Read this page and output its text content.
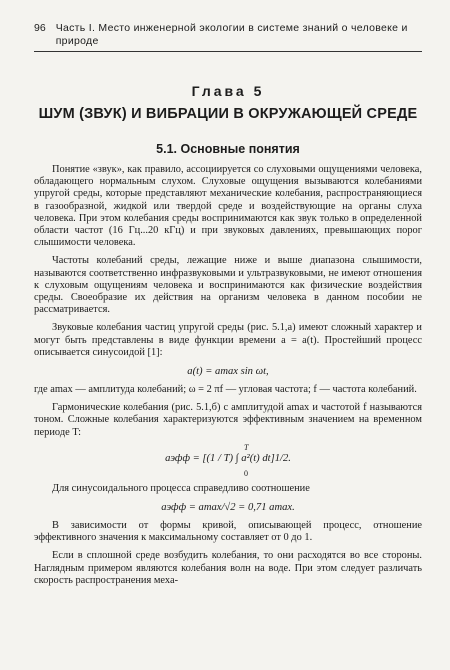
96 Часть I. Место инженерной экологии в системе знаний о человеке и природе
Глава 5
ШУМ (ЗВУК) И ВИБРАЦИИ В ОКРУЖАЮЩЕЙ СРЕДЕ
5.1. Основные понятия

Понятие «звук», как правило, ассоциируется со слуховыми ощущениями человека, обладающего нормальным слухом. Слуховые ощущения вызываются колебаниями упругой среды, которые представляют механические колебания, распространяющиеся в газообразной, жидкой или твердой среде и воздействующие на органы слуха человека. При этом колебания среды воспринимаются как звук только в определенной области частот (16 Гц...20 кГц) и при звуковых давлениях, превышающих порог слышимости человека.

Частоты колебаний среды, лежащие ниже и выше диапазона слышимости, называются соответственно инфразвуковыми и ультразвуковыми, не имеют отношения к слуховым ощущениям человека и воспринимаются как физические воздействия среды. Своеобразие их действия на организм человека в данном пособии не рассматривается.

Звуковые колебания частиц упругой среды (рис. 5.1,а) имеют сложный характер и могут быть представлены в виде функции времени a = a(t). Простейший процесс описывается синусоидой [1]:

a(t) = amax sin ωt,

где amax — амплитуда колебаний; ω = 2 πf — угловая частота; f — частота колебаний.

Гармонические колебания (рис. 5.1,б) с амплитудой amax и частотой f называются тоном. Сложные колебания характеризуются эффективным значением на временном периоде T:

T
aэфф = [(1 / T) ∫ a²(t) dt]1/2.
0

Для синусоидального процесса справедливо соотношение

aэфф = amax/√2 = 0,71 amax.

В зависимости от формы кривой, описывающей процесс, отношение эффективного значения к максимальному составляет от 0 до 1.

Если в сплошной среде возбудить колебания, то они расходятся во все стороны. Наглядным примером являются колебания волн на воде. При этом следует различать скорость распространения меха-
